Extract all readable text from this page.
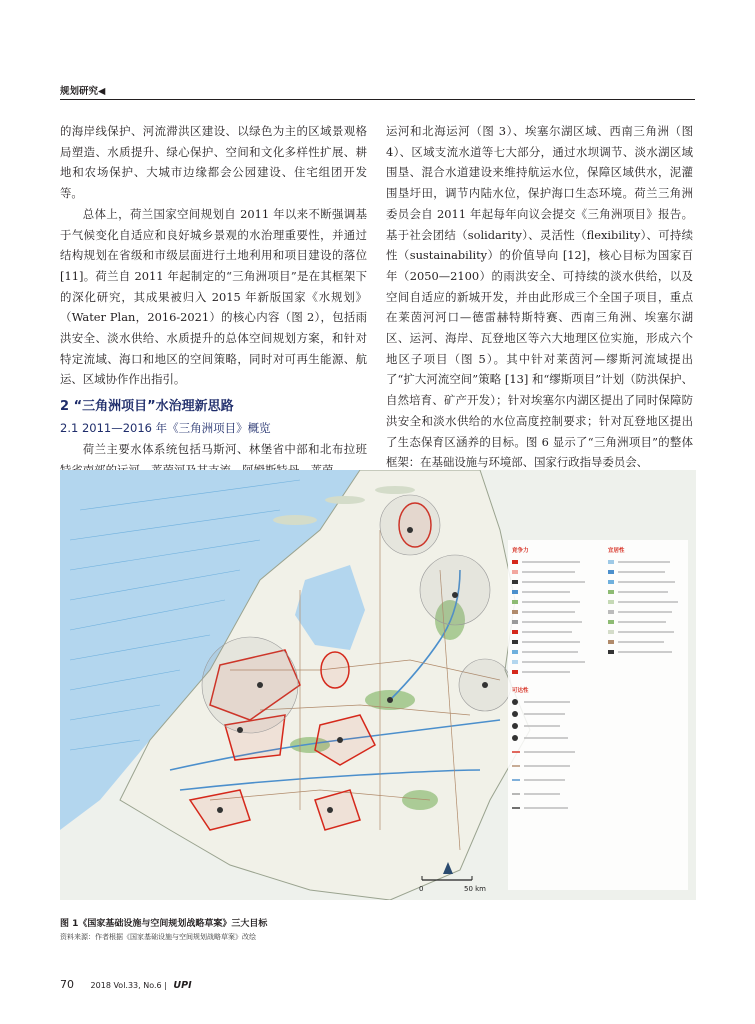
规划研究◀

的海岸线保护、河流滞洪区建设、以绿色为主的区域景观格局塑造、水质提升、绿心保护、空间和文化多样性扩展、耕地和农场保护、大城市边缘都会公园建设、住宅组团开发等。

总体上，荷兰国家空间规划自 2011 年以来不断强调基于气候变化自适应和良好城乡景观的水治理重要性，并通过结构规划在省级和市级层面进行土地利用和项目建设的落位 [11]。荷兰自 2011 年起制定的“三角洲项目”是在其框架下的深化研究，其成果被归入 2015 年新版国家《水规划》（Water Plan，2016-2021）的核心内容（图 2），包括雨洪安全、淡水供给、水质提升的总体空间规划方案，和针对特定流域、海口和地区的空间策略，同时对可再生能源、航运、区域协作作出指引。

2 “三角洲项目”水治理新思路

2.1 2011—2016 年《三角洲项目》概览

荷兰主要水体系统包括马斯河、林堡省中部和北布拉班

运河和北海运河（图 3）、埃塞尔湖区域、西南三角洲（图 4）、区域支流水道等七大部分，通过水坝调节、淡水湖区域围垦、混合水道建设来维持航运水位，保障区域供水，泥灌围垦圩田，调节内陆水位，保护海口生态环境。荷兰三角洲委员会自 2011 年起每年向议会提交《三角洲项目》报告。基于社会团结（solidarity）、灵活性（flexibility）、可持续性（sustainability）的价值导向 [12]，核心目标为国家百年（2050—2100）的雨洪安全、可持续的淡水供给，以及空间自适应的新城开发，并由此形成三个全国子项目，重点在莱茵河河口—德雷赫特斯特赛、西南三角洲、埃塞尔湖区、运河、海岸、瓦登地区等六大地理区位实施，形成六个地区子项目（图 5）。其中针对莱茵河—缪斯河流域提出了“扩大河流空间”策略 [13] 和“缪斯项目”计划（防洪保护、自然培育、矿产开发）；针对埃塞尔内湖区提出了同时保障防洪安全和淡水供给的水位高度控制要求；针对瓦登地区提出了生态保育区涵养的目标。图 6 显示了“三角洲项目”的整体框架：在基础设施与环境部、国家行政指导委员会、

竞争力	宜居性
可达性
0	50 km
图 1《国家基础设施与空间规划战略草案》三大目标
资料来源：作者根据《国家基础设施与空间规划战略草案》改绘
70 2018 Vol.33, No.6 | UPI
